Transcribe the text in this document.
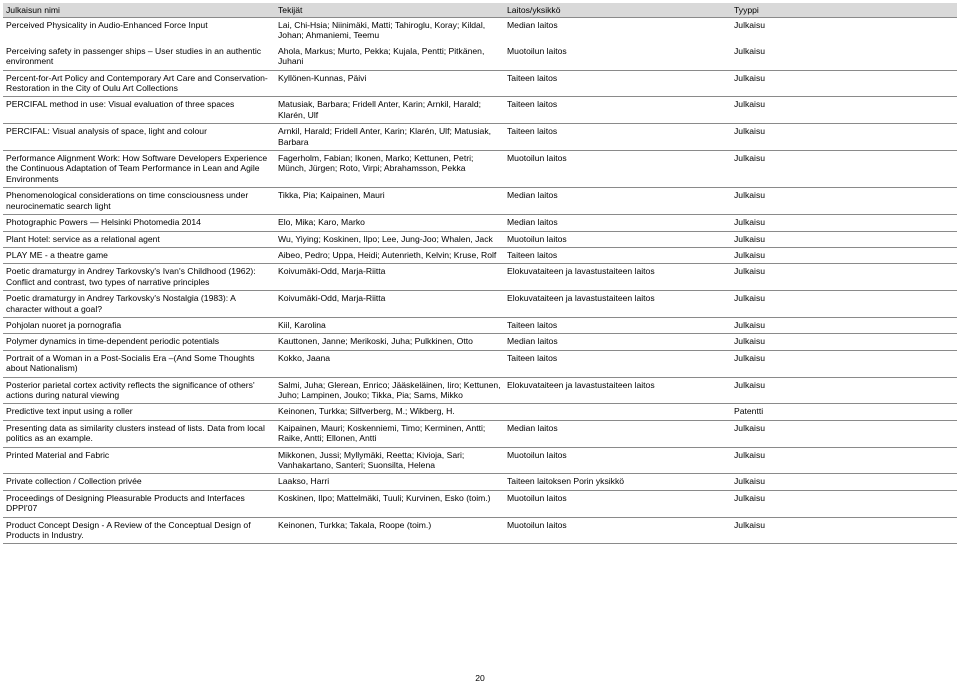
Julkaisun nimi	Tekijät	Laitos/yksikkö	Tyyppi
Perceived Physicality in Audio-Enhanced Force Input	Lai, Chi-Hsia; Niinimäki, Matti; Tahiroglu, Koray; Kildal, Johan; Ahmaniemi, Teemu	Median laitos	Julkaisu
Perceiving safety in passenger ships – User studies in an authentic environment	Ahola, Markus; Murto, Pekka; Kujala, Pentti; Pitkänen, Juhani	Muotoilun laitos	Julkaisu
Percent-for-Art Policy and Contemporary Art Care and Conservation-Restoration in the City of Oulu Art Collections	Kyllönen-Kunnas, Päivi	Taiteen laitos	Julkaisu
PERCIFAL method in use: Visual evaluation of three spaces	Matusiak, Barbara; Fridell Anter, Karin; Arnkil, Harald; Klarén, Ulf	Taiteen laitos	Julkaisu
PERCIFAL: Visual analysis of space, light and colour	Arnkil, Harald; Fridell Anter, Karin; Klarén, Ulf; Matusiak, Barbara	Taiteen laitos	Julkaisu
Performance Alignment Work: How Software Developers Experience the Continuous Adaptation of Team Performance in Lean and Agile Environments	Fagerholm, Fabian; Ikonen, Marko; Kettunen, Petri; Münch, Jürgen; Roto, Virpi; Abrahamsson, Pekka	Muotoilun laitos	Julkaisu
Phenomenological considerations on time consciousness under neurocinematic search light	Tikka, Pia; Kaipainen, Mauri	Median laitos	Julkaisu
Photographic Powers — Helsinki Photomedia 2014	Elo, Mika; Karo, Marko	Median laitos	Julkaisu
Plant Hotel: service as a relational agent	Wu, Yiying; Koskinen, Ilpo; Lee, Jung-Joo; Whalen, Jack	Muotoilun laitos	Julkaisu
PLAY ME - a theatre game	Aibeo, Pedro; Uppa, Heidi; Autenrieth, Kelvin; Kruse, Rolf	Taiteen laitos	Julkaisu
Poetic dramaturgy in Andrey Tarkovsky's Ivan's Childhood (1962): Conflict and contrast, two types of narrative principles	Koivumäki-Odd, Marja-Riitta	Elokuvataiteen ja lavastustaiteen laitos	Julkaisu
Poetic dramaturgy in Andrey Tarkovsky's Nostalgia (1983): A character without a goal?	Koivumäki-Odd, Marja-Riitta	Elokuvataiteen ja lavastustaiteen laitos	Julkaisu
Pohjolan nuoret ja pornografia	Kiil, Karolina	Taiteen laitos	Julkaisu
Polymer dynamics in time-dependent periodic potentials	Kauttonen, Janne; Merikoski, Juha; Pulkkinen, Otto	Median laitos	Julkaisu
Portrait of a Woman in a Post-Socialis Era –(And Some Thoughts about Nationalism)	Kokko, Jaana	Taiteen laitos	Julkaisu
Posterior parietal cortex activity reflects the significance of others' actions during natural viewing	Salmi, Juha; Glerean, Enrico; Jääskeläinen, Iiro; Kettunen, Juho; Lampinen, Jouko; Tikka, Pia; Sams, Mikko	Elokuvataiteen ja lavastustaiteen laitos	Julkaisu
Predictive text input using a roller	Keinonen, Turkka; Silfverberg, M.; Wikberg, H.		Patentti
Presenting data as similarity clusters instead of lists. Data from local politics as an example.	Kaipainen, Mauri; Koskenniemi, Timo; Kerminen, Antti; Raike, Antti; Ellonen, Antti	Median laitos	Julkaisu
Printed Material and Fabric	Mikkonen, Jussi; Myllymäki, Reetta; Kivioja, Sari; Vanhakartano, Santeri; Suonsilta, Helena	Muotoilun laitos	Julkaisu
Private collection / Collection privée	Laakso, Harri	Taiteen laitoksen Porin yksikkö	Julkaisu
Proceedings of Designing Pleasurable Products and Interfaces DPPI'07	Koskinen, Ilpo; Mattelmäki, Tuuli; Kurvinen, Esko (toim.)	Muotoilun laitos	Julkaisu
Product Concept Design - A Review of the Conceptual Design of Products in Industry.	Keinonen, Turkka; Takala, Roope (toim.)	Muotoilun laitos	Julkaisu
20
